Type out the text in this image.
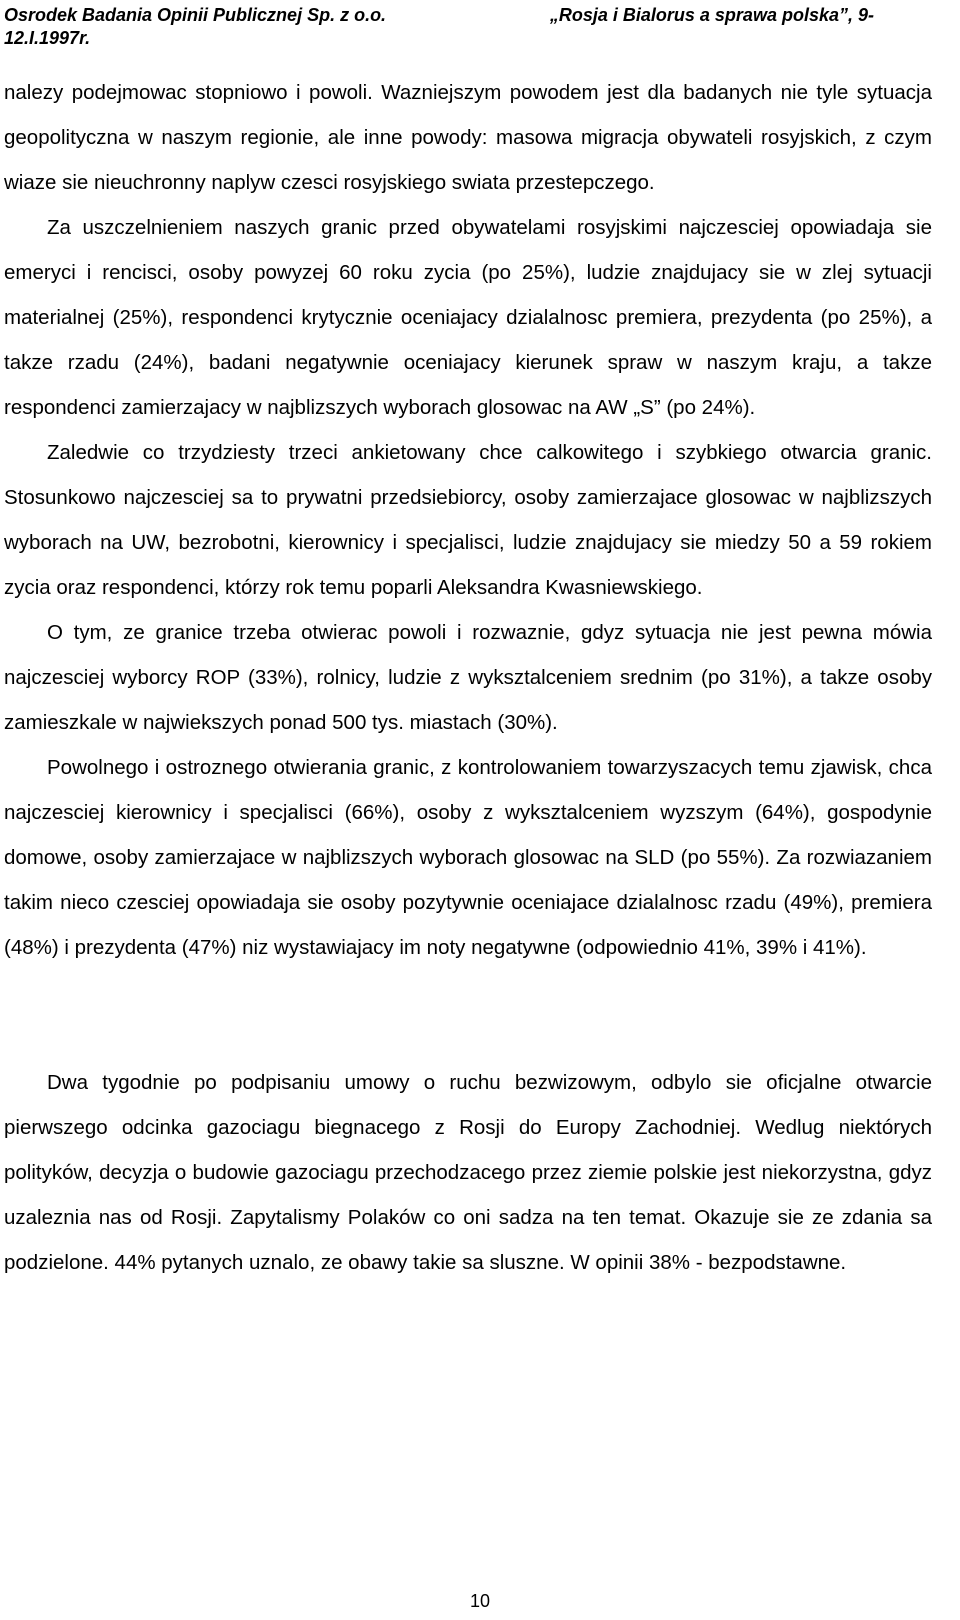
Osrodek Badania Opinii Publicznej Sp. z o.o.	„Rosja i Bialorus a sprawa polska”, 9-
12.I.1997r.

nalezy podejmowac stopniowo i powoli. Wazniejszym powodem jest dla badanych nie tyle sytuacja geopolityczna w naszym regionie, ale inne powody: masowa migracja obywateli rosyjskich, z czym wiaze sie nieuchronny naplyw czesci rosyjskiego swiata przestepczego.

Za uszczelnieniem naszych granic przed obywatelami rosyjskimi najczesciej opowiadaja sie emeryci i rencisci, osoby powyzej 60 roku zycia (po 25%), ludzie znajdujacy sie w zlej sytuacji materialnej (25%), respondenci krytycznie oceniajacy dzialalnosc premiera, prezydenta (po 25%), a takze rzadu (24%), badani negatywnie oceniajacy kierunek spraw w naszym kraju, a takze respondenci zamierzajacy w najblizszych wyborach glosowac na AW „S” (po 24%).

Zaledwie co trzydziesty trzeci ankietowany chce calkowitego i szybkiego otwarcia granic. Stosunkowo najczesciej sa to prywatni przedsiebiorcy, osoby zamierzajace glosowac w najblizszych wyborach na UW, bezrobotni, kierownicy i specjalisci, ludzie znajdujacy sie miedzy 50 a 59 rokiem zycia oraz respondenci, którzy rok temu poparli Aleksandra Kwasniewskiego.

O tym, ze granice trzeba otwierac powoli i rozwaznie, gdyz sytuacja nie jest pewna mówia najczesciej wyborcy ROP (33%), rolnicy, ludzie z wyksztalceniem srednim (po 31%), a takze osoby zamieszkale w najwiekszych ponad 500 tys. miastach (30%).

Powolnego i ostroznego otwierania granic, z kontrolowaniem towarzyszacych temu zjawisk, chca najczesciej kierownicy i specjalisci (66%), osoby z wyksztalceniem wyzszym (64%), gospodynie domowe, osoby zamierzajace w najblizszych wyborach glosowac na SLD (po 55%). Za rozwiazaniem takim nieco czesciej opowiadaja sie osoby pozytywnie oceniajace dzialalnosc rzadu (49%), premiera (48%) i prezydenta (47%) niz wystawiajacy im noty negatywne (odpowiednio 41%, 39% i 41%).

Dwa tygodnie po podpisaniu umowy o ruchu bezwizowym, odbylo sie oficjalne otwarcie pierwszego odcinka gazociagu biegnacego z Rosji do Europy Zachodniej. Wedlug niektórych polityków, decyzja o budowie gazociagu przechodzacego przez ziemie polskie jest niekorzystna, gdyz uzaleznia nas od Rosji. Zapytalismy Polaków co oni sadza na ten temat. Okazuje sie ze zdania sa podzielone. 44% pytanych uznalo, ze obawy takie sa sluszne. W opinii 38% - bezpodstawne.

10
